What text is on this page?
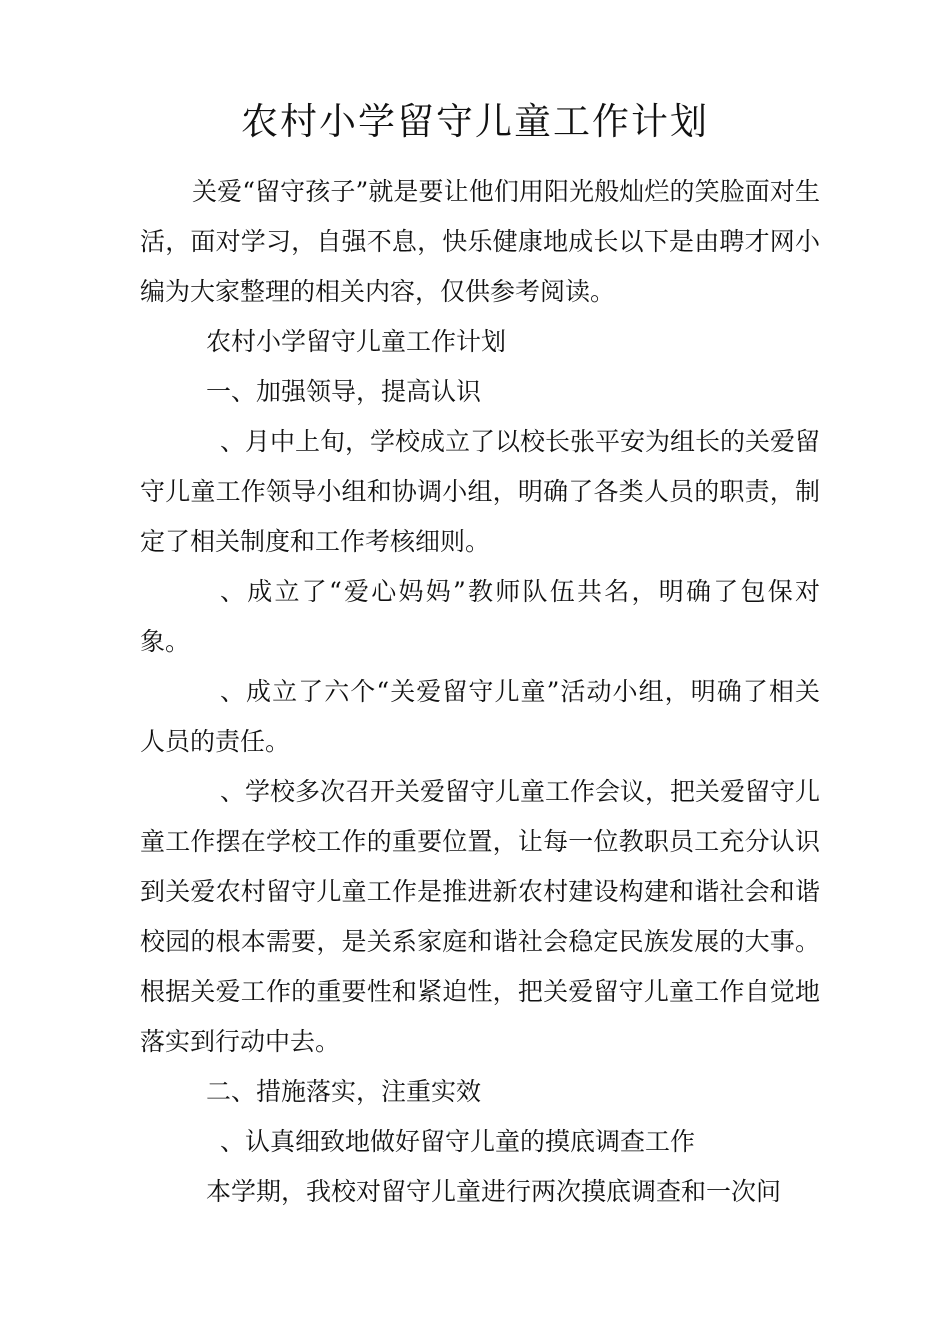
农村小学留守儿童工作计划

关爱“留守孩子”就是要让他们用阳光般灿烂的笑脸面对生活，面对学习，自强不息，快乐健康地成长以下是由聘才网小编为大家整理的相关内容，仅供参考阅读。

农村小学留守儿童工作计划

一、加强领导，提高认识

、月中上旬，学校成立了以校长张平安为组长的关爱留守儿童工作领导小组和协调小组，明确了各类人员的职责，制定了相关制度和工作考核细则。

、成立了“爱心妈妈”教师队伍共名，明确了包保对象。

、成立了六个“关爱留守儿童”活动小组，明确了相关人员的责任。

、学校多次召开关爱留守儿童工作会议，把关爱留守儿童工作摆在学校工作的重要位置，让每一位教职员工充分认识到关爱农村留守儿童工作是推进新农村建设构建和谐社会和谐校园的根本需要，是关系家庭和谐社会稳定民族发展的大事。根据关爱工作的重要性和紧迫性，把关爱留守儿童工作自觉地落实到行动中去。

二、措施落实，注重实效

、认真细致地做好留守儿童的摸底调查工作

本学期，我校对留守儿童进行两次摸底调查和一次问
